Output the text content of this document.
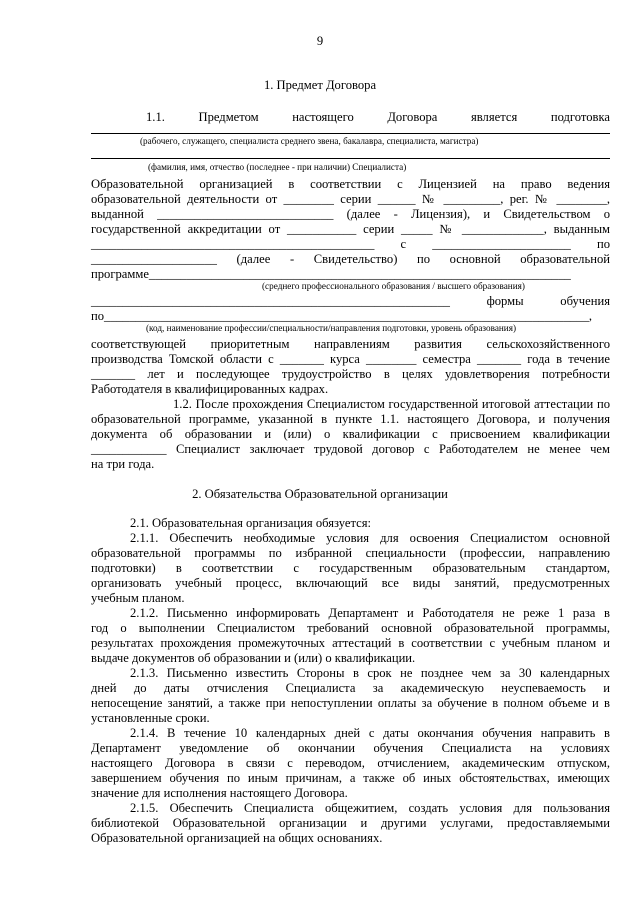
9
1. Предмет Договора
1.1. Предметом настоящего Договора является подготовка
(рабочего, служащего, специалиста среднего звена, бакалавра, специалиста, магистра)
(фамилия, имя, отчество (последнее - при наличии) Специалиста)
Образовательной организацией в соответствии с Лицензией на право ведения
образовательной деятельности от ________ серии ______ № _________, рег. № ________,
выданной ____________________________ (далее - Лицензия), и Свидетельством о
государственной аккредитации от ___________ серии _____ № _____________, выданным
_____________________________________________ с ______________________ по
____________________ (далее - Свидетельство) по основной образовательной
программе___________________________________________________________________
(среднего профессионального образования / высшего образования)
_________________________________________________________ формы обучения
по_____________________________________________________________________________,
(код, наименование профессии/специальности/направления подготовки, уровень образования)
соответствующей приоритетным направлениям развития сельскохозяйственного
производства Томской области с _______ курса ________ семестра _______ года в течение
_______ лет и последующее трудоустройство в целях удовлетворения потребности
Работодателя в квалифицированных кадрах.
1.2. После прохождения Специалистом государственной итоговой аттестации по
образовательной программе, указанной в пункте 1.1. настоящего Договора, и получения
документа об образовании и (или) о квалификации с присвоением квалификации
____________ Специалист заключает трудовой договор с Работодателем не менее чем
на три года.
2. Обязательства Образовательной организации
2.1. Образовательная организация обязуется:
2.1.1. Обеспечить необходимые условия для освоения Специалистом основной
образовательной программы по избранной специальности (профессии, направлению
подготовки) в соответствии с государственным образовательным стандартом,
организовать учебный процесс, включающий все виды занятий, предусмотренных
учебным планом.
2.1.2. Письменно информировать Департамент и Работодателя не реже 1 раза в
год о выполнении Специалистом требований основной образовательной программы,
результатах прохождения промежуточных аттестаций в соответствии с учебным планом и
выдаче документов об образовании и (или) о квалификации.
2.1.3. Письменно известить Стороны в срок не позднее чем за 30 календарных
дней до даты отчисления Специалиста за академическую неуспеваемость и
непосещение занятий, а также при непоступлении оплаты за обучение в полном объеме и в
установленные сроки.
2.1.4. В течение 10 календарных дней с даты окончания обучения направить в
Департамент уведомление об окончании обучения Специалиста на условиях
настоящего Договора в связи с переводом, отчислением, академическим отпуском,
завершением обучения по иным причинам, а также об иных обстоятельствах, имеющих
значение для исполнения настоящего Договора.
2.1.5. Обеспечить Специалиста общежитием, создать условия для пользования
библиотекой Образовательной организации и другими услугами, предоставляемыми
Образовательной организацией на общих основаниях.
